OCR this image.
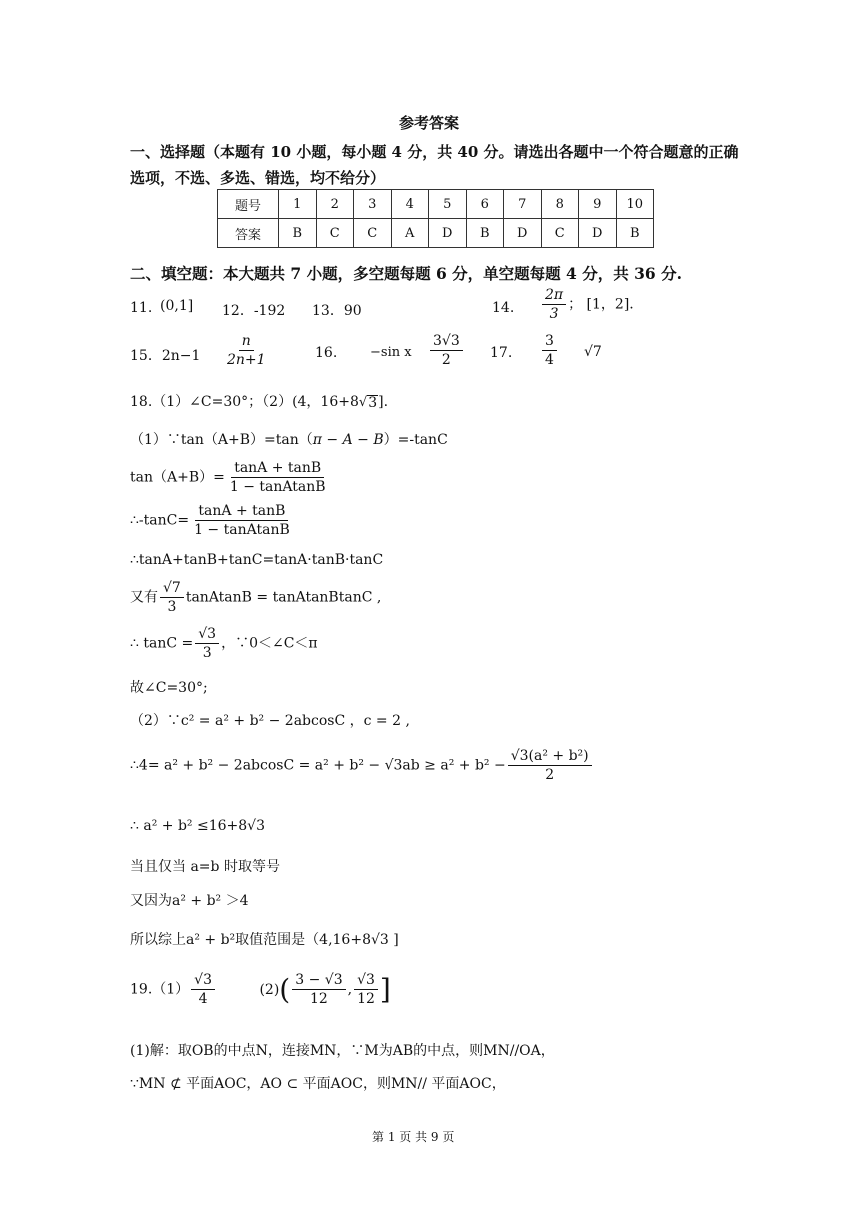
参考答案
一、选择题（本题有 10 小题，每小题 4 分，共 40 分。请选出各题中一个符合题意的正确
选项，不选、多选、错选，均不给分）
题号	1	2	3	4	5	6	7	8	9	10
答案	B	C	C	A	D	B	D	C	D	B
二、填空题：本大题共 7 小题，多空题每题 6 分，单空题每题 4 分，共 36 分.
11. (0,1] 12．-192 13．90	14. $\frac{2\pi}{3}$ ； [1，2].
15．$2n-1 \frac{n}{2n+1}$	16.	−sin x $\frac{3√3}{2} 17$. $\frac{3}{4} √7$
18.（1）∠C=30°；（2）(4，16+8 √ 3 ].
（1）∵tan（A+B）=tan（π − A − B）=-tanC
$\tan(A+B)= \frac{\tan A + \tan B}{\text{1 − tanAtanB}}$
∴-tanC= $\frac{\tan A + \tan B}{\text{1 − tanAtanB}}$
∴tanA+tanB+tanC=tanA·tanB·tanC
又有 $\frac{√7}{3}$ tanAtanB = tanAtanBtanC ,
∴ $\tan C = \frac{√3}{3}$ ，∵0＜∠C＜π
故∠C=30°;
（2）∵c² = a² + b² − 2abcosC ，c = 2 ,
∴4= $a^2 + b^2 - 2abcosC = a^2 + b^2 - √3ab \ge a^2 + b^2 - \frac{\text{√3(a² + b²)}}{2}$
∴ a² + b² ≤16+8√3
当且仅当 a=b 时取等号
又因为a² + b² ＞4
所以综上a² + b²取值范围是（4,16+8√3 ]
$19.(1) \frac{√3}{4}$	$(2)( \frac{3 - √3}{12}$ , $\frac{√3}{12}$ ]
(1)解：取OB的中点N，连接MN，∵M为AB的中点，则MN//OA，
∵MN ⊄ 平面AOC，AO ⊂ 平面AOC，则MN// 平面AOC，
第 1 页 共 9 页
